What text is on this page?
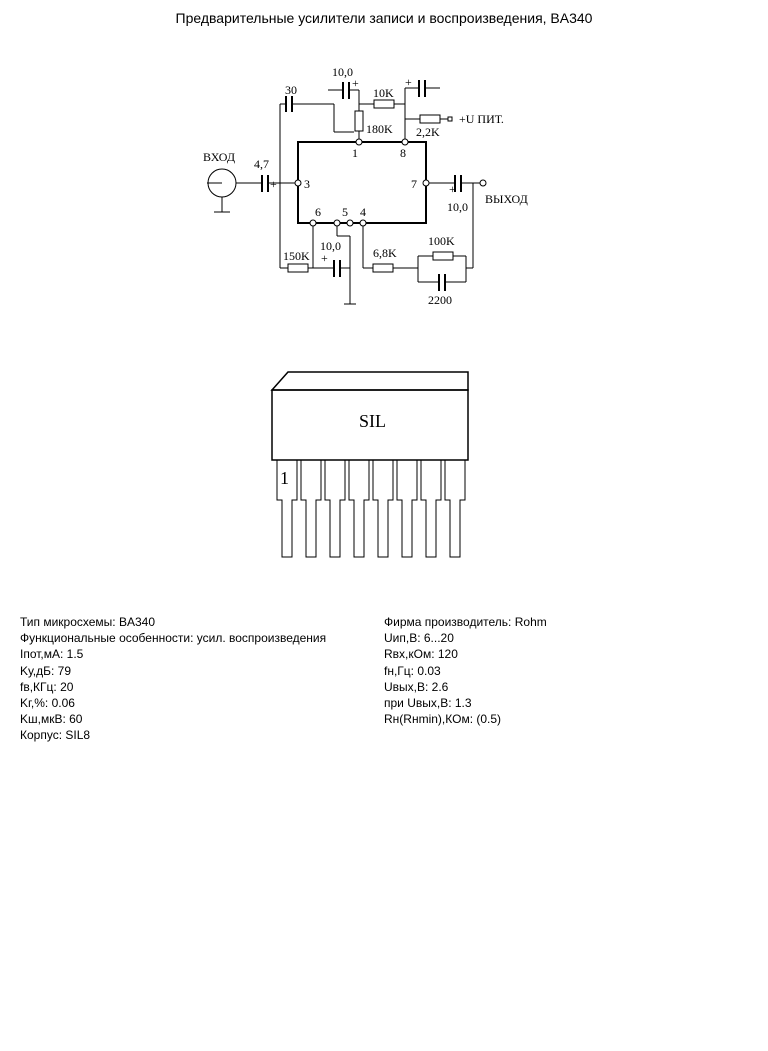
Предварительные усилители записи и воспроизведения, BA340
ВХОД
ВЫХОД
+U ПИТ.
4,7
30
10,0
10K
180K 2,2K
10,0
150K
10,0	6,8K
100K
2200
+
+	+
+
+
1	8
3	7
6 5 4
SIL
1
Тип микросхемы: BA340
Функциональные особенности: усил. воспроизведения
Iпот,мА: 1.5
Kу,дБ: 79
fв,КГц: 20
Kг,%: 0.06
Kш,мкВ: 60
Корпус: SIL8
Фирма производитель: Rohm
Uип,В: 6...20
Rвх,кОм: 120
fн,Гц: 0.03
Uвых,В: 2.6
при Uвых,В: 1.3
Rн(Rнmin),КОм: (0.5)
